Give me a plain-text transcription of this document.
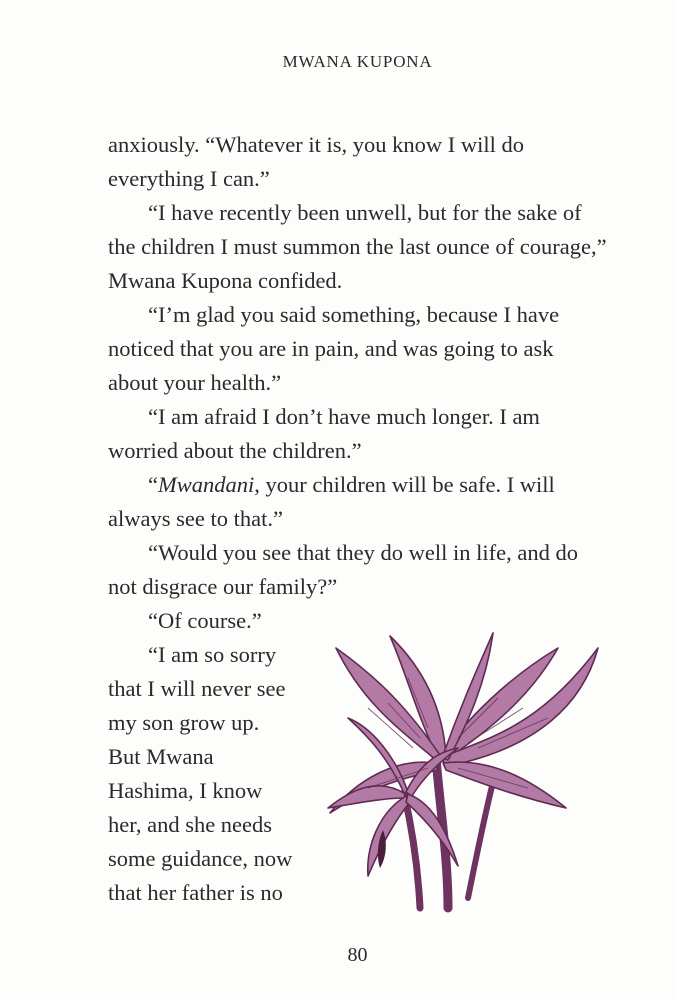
MWANA KUPONA

anxiously. “Whatever it is, you know I will do everything I can.”

“I have recently been unwell, but for the sake of the children I must summon the last ounce of courage,” Mwana Kupona confided.

“I’m glad you said something, because I have noticed that you are in pain, and was going to ask about your health.”

“I am afraid I don’t have much longer. I am worried about the children.”

“Mwandani, your children will be safe. I will always see to that.”

“Would you see that they do well in life, and do not disgrace our family?”

“Of course.”

“I am so sorry
that I will never see
my son grow up.
But Mwana
Hashima, I know
her, and she needs
some guidance, now
that her father is no
80
